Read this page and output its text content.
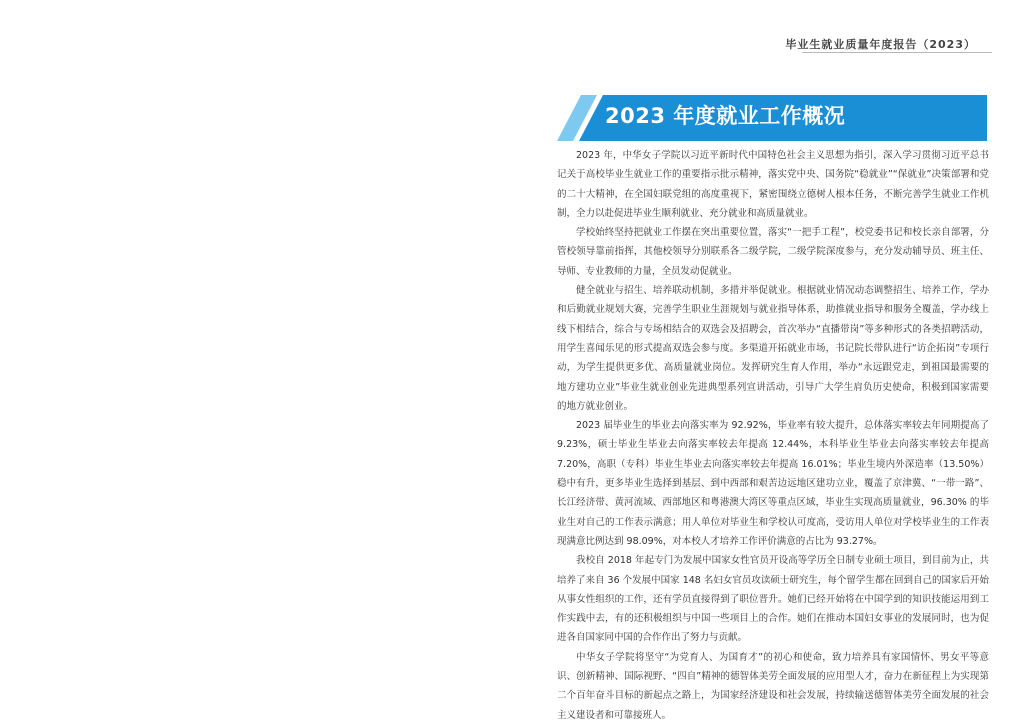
毕业生就业质量年度报告（2023）
2023 年度就业工作概况

2023 年，中华女子学院以习近平新时代中国特色社会主义思想为指引，深入学习贯彻习近平总书记关于高校毕业生就业工作的重要指示批示精神，落实党中央、国务院“稳就业”“保就业”决策部署和党的二十大精神，在全国妇联党组的高度重视下，紧密围绕立德树人根本任务，不断完善学生就业工作机制，全力以赴促进毕业生顺利就业、充分就业和高质量就业。

学校始终坚持把就业工作摆在突出重要位置，落实“一把手工程”，校党委书记和校长亲自部署，分管校领导靠前指挥，其他校领导分别联系各二级学院，二级学院深度参与，充分发动辅导员、班主任、导师、专业教师的力量，全员发动促就业。

健全就业与招生、培养联动机制，多措并举促就业。根据就业情况动态调整招生、培养工作，学办和后勤就业规划大赛，完善学生职业生涯规划与就业指导体系，助推就业指导和服务全覆盖，学办线上线下相结合，综合与专场相结合的双选会及招聘会，首次举办“直播带岗”等多种形式的各类招聘活动，用学生喜闻乐见的形式提高双选会参与度。多渠道开拓就业市场，书记院长带队进行“访企拓岗”专项行动，为学生提供更多优、高质量就业岗位。发挥研究生育人作用，举办“永远跟党走，到祖国最需要的地方建功立业”毕业生就业创业先进典型系列宣讲活动，引导广大学生肩负历史使命，积极到国家需要的地方就业创业。

2023 届毕业生的毕业去向落实率为 92.92%，毕业率有较大提升，总体落实率较去年同期提高了 9.23%，硕士毕业生毕业去向落实率较去年提高 12.44%，本科毕业生毕业去向落实率较去年提高 7.20%，高职（专科）毕业生毕业去向落实率较去年提高 16.01%；毕业生境内外深造率（13.50%）稳中有升，更多毕业生选择到基层、到中西部和艰苦边远地区建功立业，覆盖了京津冀、“一带一路”、长江经济带、黄河流域、西部地区和粤港澳大湾区等重点区域，毕业生实现高质量就业，96.30% 的毕业生对自己的工作表示满意；用人单位对毕业生和学校认可度高，受访用人单位对学校毕业生的工作表现满意比例达到 98.09%，对本校人才培养工作评价满意的占比为 93.27%。

我校自 2018 年起专门为发展中国家女性官员开设高等学历全日制专业硕士项目，到目前为止，共培养了来自 36 个发展中国家 148 名妇女官员攻读硕士研究生，每个留学生都在回到自己的国家后开始从事女性组织的工作，还有学员直接得到了职位晋升。她们已经开始将在中国学到的知识技能运用到工作实践中去，有的还积极组织与中国一些项目上的合作。她们在推动本国妇女事业的发展同时，也为促进各自国家同中国的合作作出了努力与贡献。

中华女子学院将坚守“为党育人、为国育才”的初心和使命，致力培养具有家国情怀、男女平等意识、创新精神、国际视野、“四自”精神的德智体美劳全面发展的应用型人才，奋力在新征程上为实现第二个百年奋斗目标的新起点之路上，为国家经济建设和社会发展，持续输送德智体美劳全面发展的社会主义建设者和可靠接班人。
